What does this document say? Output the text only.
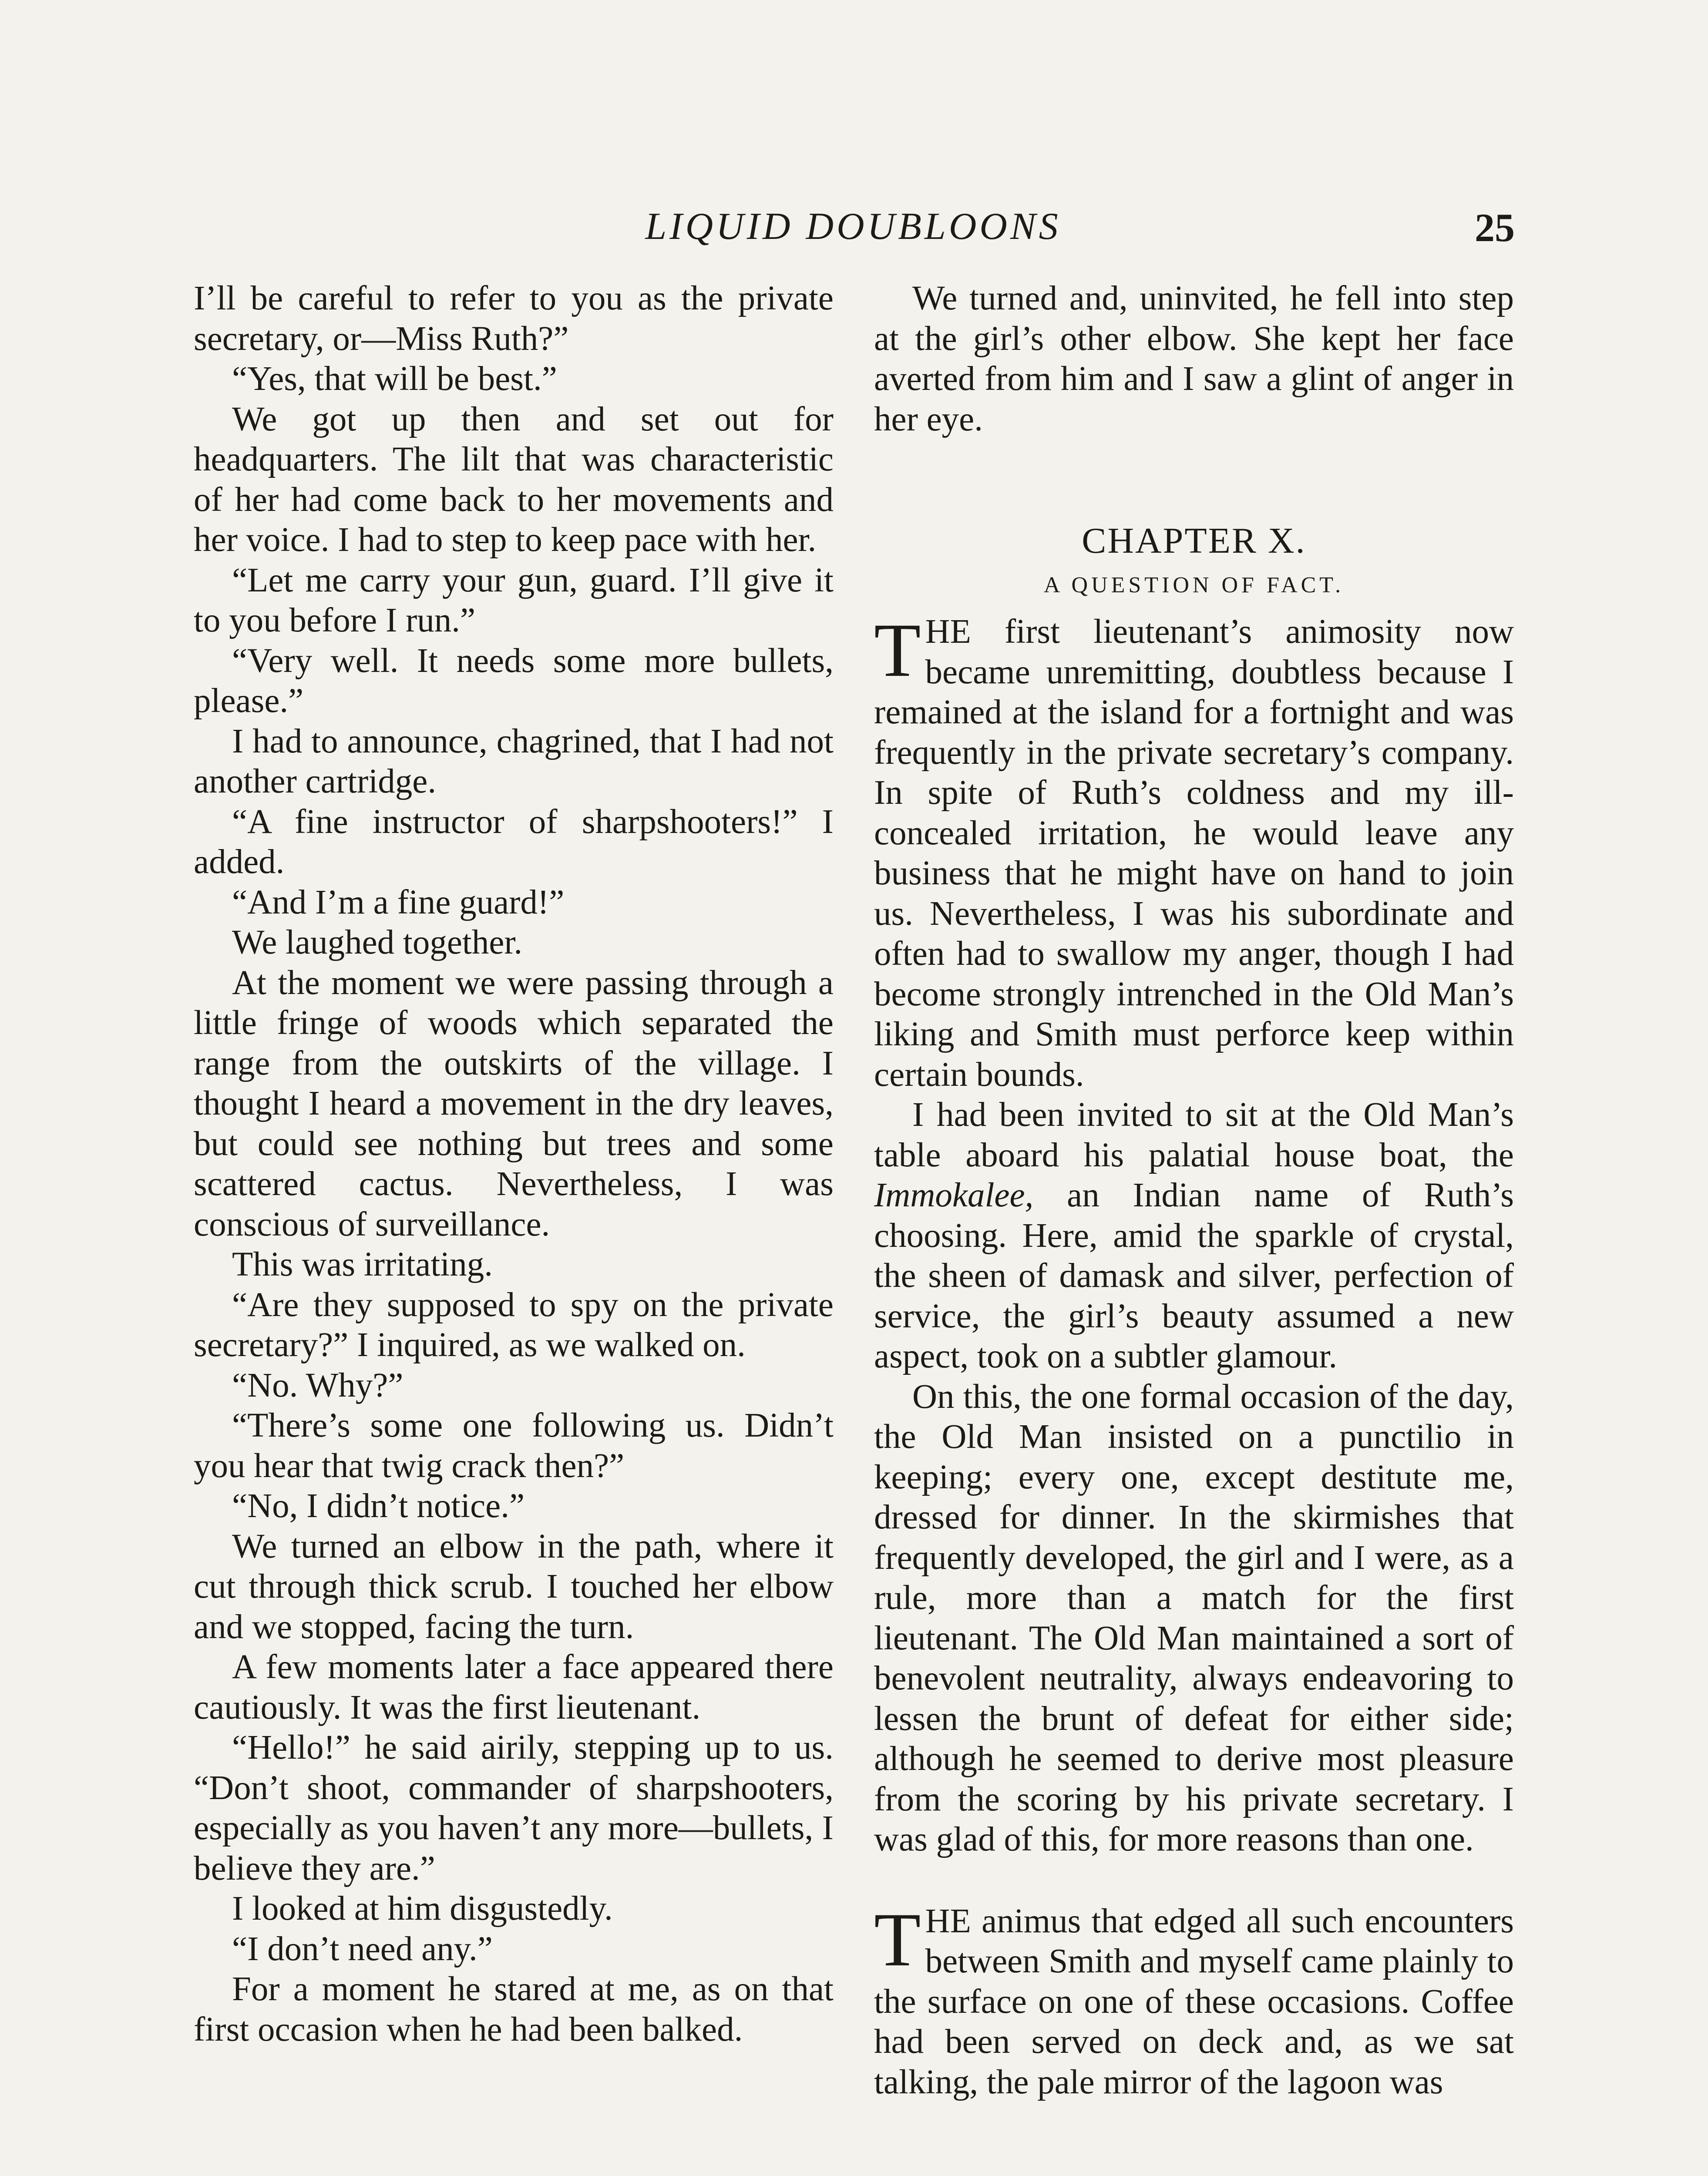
LIQUID DOUBLOONS	25

I’ll be careful to refer to you as the private secretary, or—Miss Ruth?”

“Yes, that will be best.”

We got up then and set out for headquarters. The lilt that was characteristic of her had come back to her movements and her voice. I had to step to keep pace with her.

“Let me carry your gun, guard. I’ll give it to you before I run.”

“Very well. It needs some more bullets, please.”

I had to announce, chagrined, that I had not another cartridge.

“A fine instructor of sharpshooters!” I added.

“And I’m a fine guard!”

We laughed together.

At the moment we were passing through a little fringe of woods which separated the range from the outskirts of the village. I thought I heard a movement in the dry leaves, but could see nothing but trees and some scattered cactus. Nevertheless, I was conscious of surveillance.

This was irritating.

“Are they supposed to spy on the private secretary?” I inquired, as we walked on.

“No. Why?”

“There’s some one following us. Didn’t you hear that twig crack then?”

“No, I didn’t notice.”

We turned an elbow in the path, where it cut through thick scrub. I touched her elbow and we stopped, facing the turn.

A few moments later a face appeared there cautiously. It was the first lieutenant.

“Hello!” he said airily, stepping up to us. “Don’t shoot, commander of sharpshooters, especially as you haven’t any more—bullets, I believe they are.”

I looked at him disgustedly.

“I don’t need any.”

For a moment he stared at me, as on that first occasion when he had been balked.

We turned and, uninvited, he fell into step at the girl’s other elbow. She kept her face averted from him and I saw a glint of anger in her eye.

CHAPTER X.
A QUESTION OF FACT.

THE first lieutenant’s animosity now became unremitting, doubtless because I remained at the island for a fortnight and was frequently in the private secretary’s company. In spite of Ruth’s coldness and my ill-concealed irritation, he would leave any business that he might have on hand to join us. Nevertheless, I was his subordinate and often had to swallow my anger, though I had become strongly intrenched in the Old Man’s liking and Smith must perforce keep within certain bounds.

I had been invited to sit at the Old Man’s table aboard his palatial house boat, the Immokalee, an Indian name of Ruth’s choosing. Here, amid the sparkle of crystal, the sheen of damask and silver, perfection of service, the girl’s beauty assumed a new aspect, took on a subtler glamour.

On this, the one formal occasion of the day, the Old Man insisted on a punctilio in keeping; every one, except destitute me, dressed for dinner. In the skirmishes that frequently developed, the girl and I were, as a rule, more than a match for the first lieutenant. The Old Man maintained a sort of benevolent neutrality, always endeavoring to lessen the brunt of defeat for either side; although he seemed to derive most pleasure from the scoring by his private secretary. I was glad of this, for more reasons than one.

THE animus that edged all such encounters between Smith and myself came plainly to the surface on one of these occasions. Coffee had been served on deck and, as we sat talking, the pale mirror of the lagoon was
